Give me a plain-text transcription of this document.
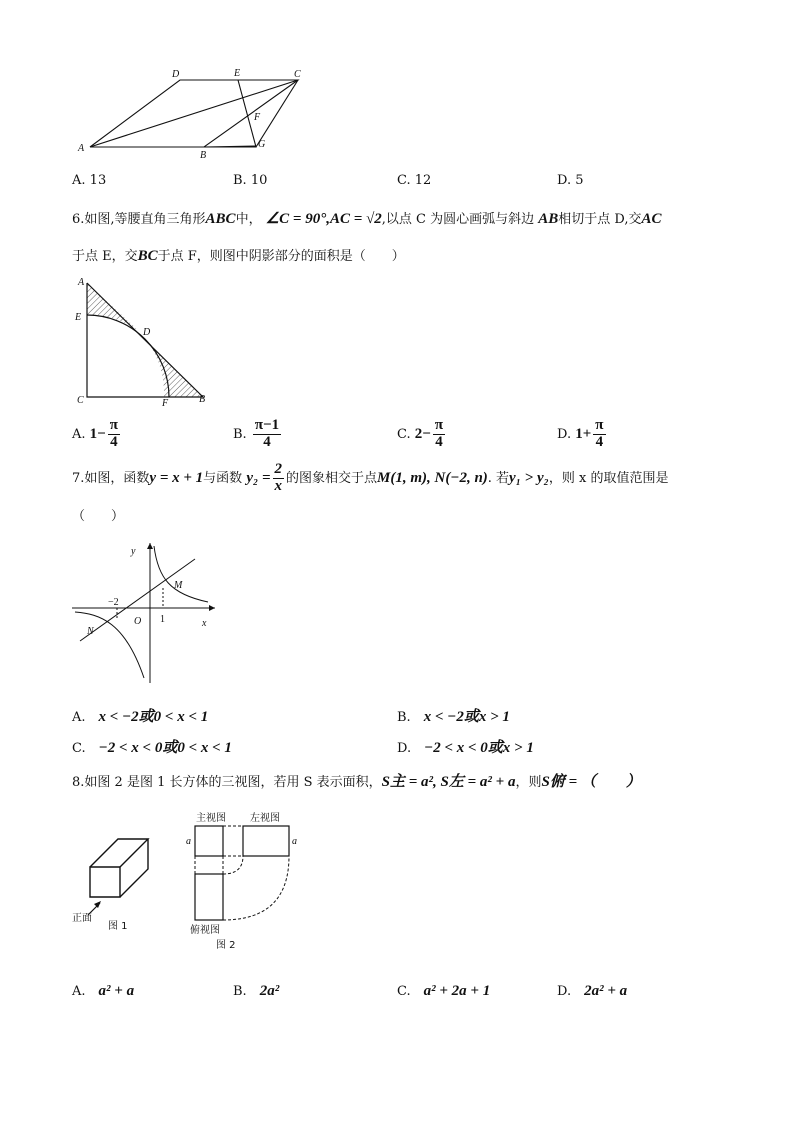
D	E	C
F
G
B
A
A. 13	B. 10	C. 12	D. 5
6.如图,等腰直角三角形ABC中， ∠C = 90°,AC = √2,以点 C 为圆心画弧与斜边 AB相切于点 D,交AC
于点 E，交BC于点 F，则图中阴影部分的面积是（　　）
A
E
D
C	F	B
A. $1- \frac{\pi}{4}$	B. $\frac{\pi-1}{4}$	C. $2- \frac{\pi}{4}$	D. $1+ \frac{\pi}{4}$
7.如图，函数y = x + 1与函数 $y_2 = \frac{2}{x}$ 的图象相交于点M(1, m), N(−2, n). 若y₁ > y₂，则 x 的取值范围是
（　　）
y
x
O
M
N
−2
1
A.　 x < −2或0 < x < 1	B.　 x < −2或x > 1
C.　 −2 < x < 0或0 < x < 1	D.　 −2 < x < 0或x > 1
8.如图 2 是图 1 长方体的三视图，若用 S 表示面积，S主 = a², S左 = a² + a，则S俯 = （　　）
正面
图 1
主视图 左视图
a	a
俯视图
图 2
A.　 a² + a	B.　 2a²	C.　 a² + 2a + 1	D.　 2a² + a
